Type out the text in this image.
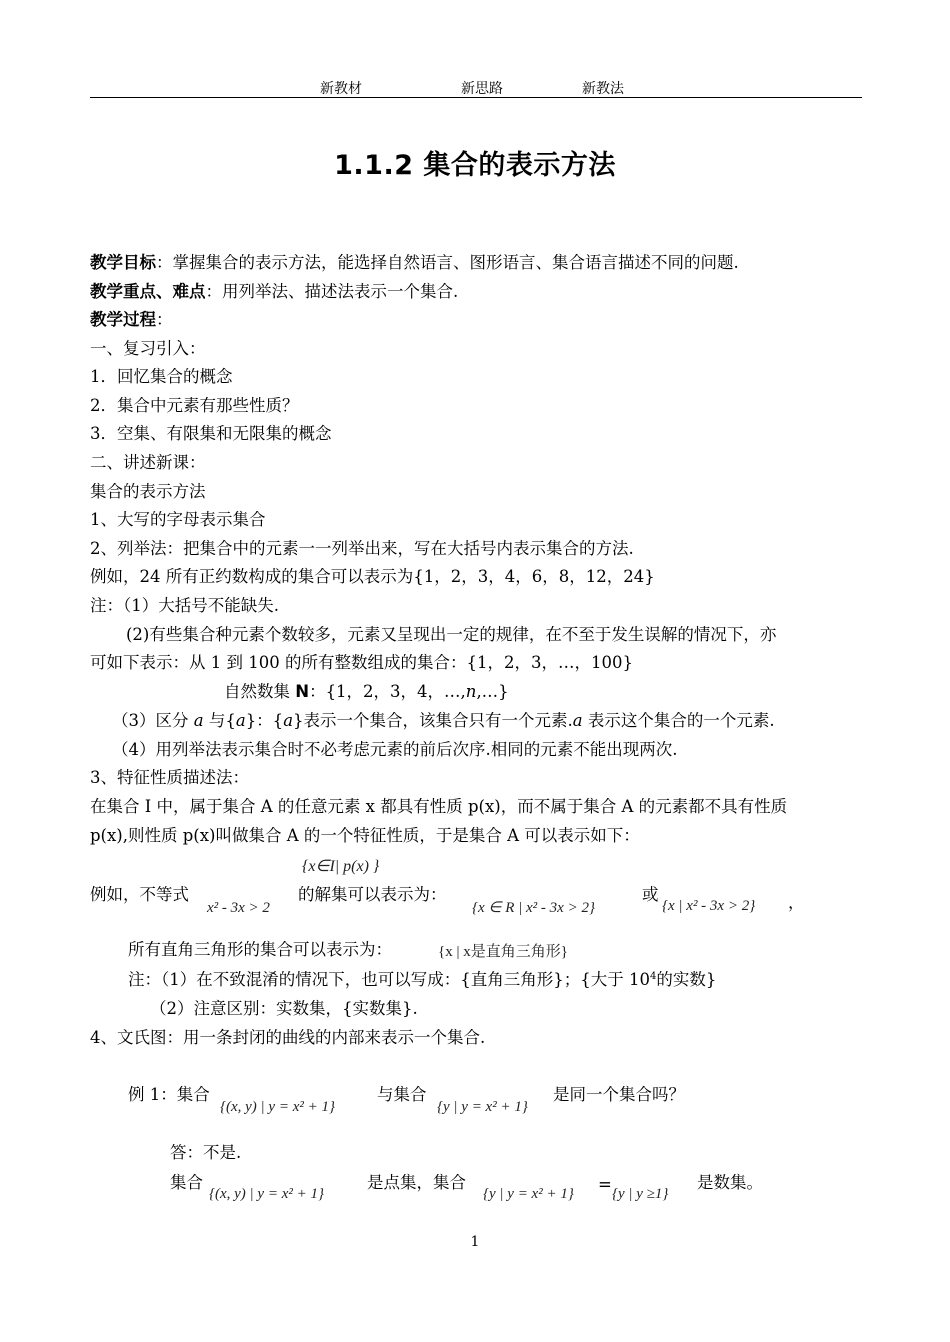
新教材	新思路	新教法
1.1.2 集合的表示方法
教学目标：掌握集合的表示方法，能选择自然语言、图形语言、集合语言描述不同的问题.
教学重点、难点：用列举法、描述法表示一个集合.
教学过程：
一、复习引入：
1．回忆集合的概念
2．集合中元素有那些性质？
3．空集、有限集和无限集的概念
二、讲述新课：
集合的表示方法
1、大写的字母表示集合
2、列举法：把集合中的元素一一列举出来，写在大括号内表示集合的方法.
例如，24 所有正约数构成的集合可以表示为{1，2，3，4，6，8，12，24}
注：（1）大括号不能缺失.
(2)有些集合种元素个数较多，元素又呈现出一定的规律，在不至于发生误解的情况下，亦
可如下表示：从 1 到 100 的所有整数组成的集合：{1，2，3，…，100}
自然数集 N：{1，2，3，4，…,n,…}
（3）区分 a 与{a}：{a}表示一个集合，该集合只有一个元素.a 表示这个集合的一个元素.
（4）用列举法表示集合时不必考虑元素的前后次序.相同的元素不能出现两次.
3、特征性质描述法：
在集合 I 中，属于集合 A 的任意元素 x 都具有性质 p(x)，而不属于集合 A 的元素都不具有性质
p(x),则性质 p(x)叫做集合 A 的一个特征性质，于是集合 A 可以表示如下：
{x∈I| p(x) }
例如，不等式
x² - 3x > 2
的解集可以表示为：
{x ∈ R | x² - 3x > 2}
或
{x | x² - 3x > 2} ，
所有直角三角形的集合可以表示为：	{x | x是直角三角形}
注：（1）在不致混淆的情况下，也可以写成：{直角三角形}；{大于 $10^4$的实数}
（2）注意区别：实数集，{实数集}.
4、文氏图：用一条封闭的曲线的内部来表示一个集合.
例 1：集合
{(x, y) | y = x² + 1}
与集合
{y | y = x² + 1}
是同一个集合吗？
答：不是.
集合
{(x, y) | y = x² + 1}
是点集，集合
{y | y = x² + 1} = {y | y ≥1}
是数集。
1
